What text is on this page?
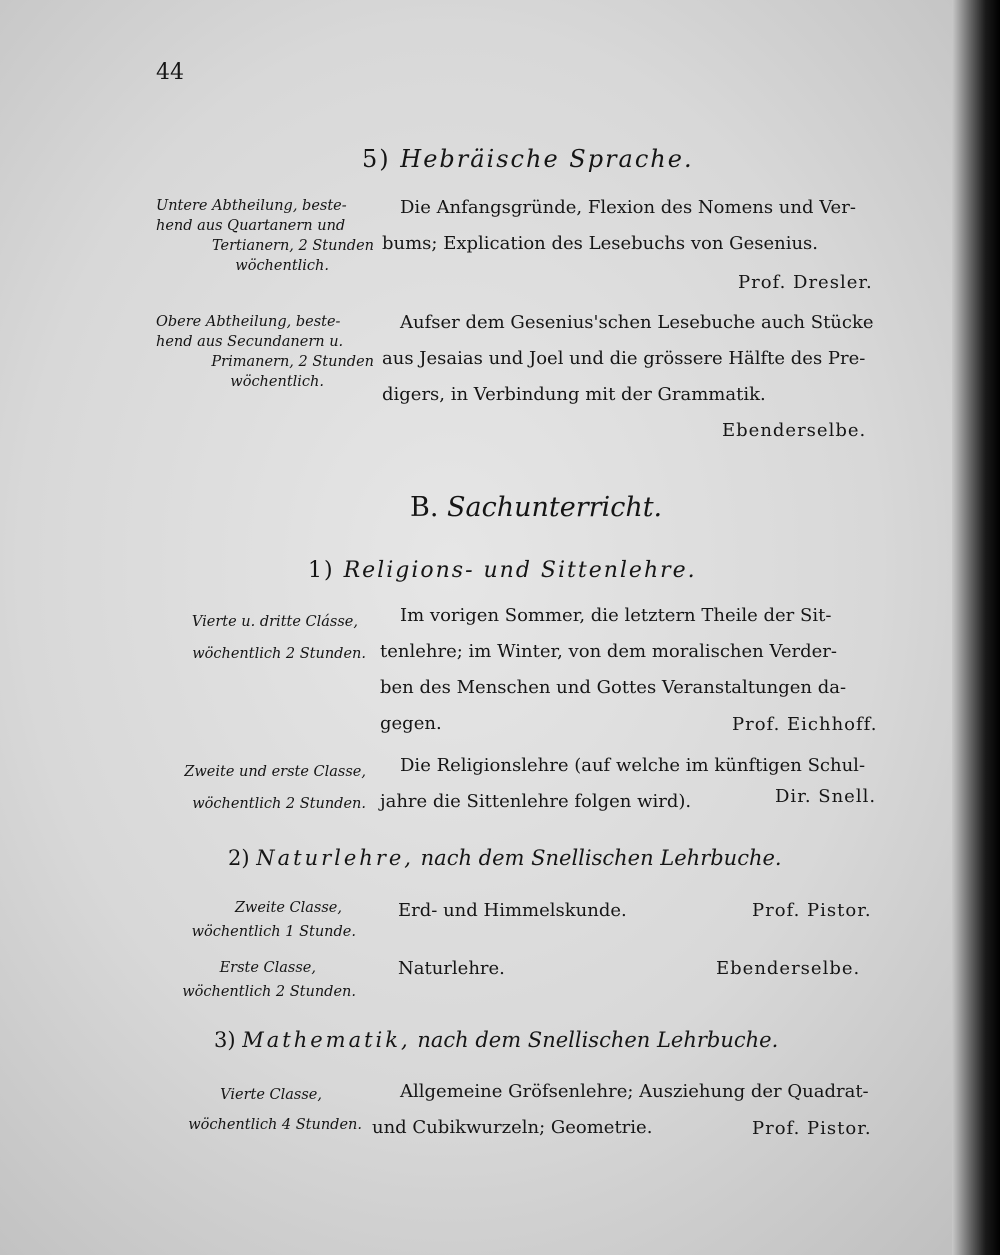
44
5) Hebräische Sprache.
Untere Abtheilung, beste-
hend aus Quartanern und
Tertianern, 2 Stunden
wöchentlich.
Die Anfangsgründe, Flexion des Nomens und Ver-
bums; Explication des Lesebuchs von Gesenius.
Prof. Dresler.
Obere Abtheilung, beste-
hend aus Secundanern u.
Primanern, 2 Stunden
wöchentlich.
Aufser dem Gesenius'schen Lesebuche auch Stücke
aus Jesaias und Joel und die grössere Hälfte des Pre-
digers, in Verbindung mit der Grammatik.
Ebenderselbe.
B. Sachunterricht.
1) Religions- und Sittenlehre.
Vierte u. dritte Clásse,
wöchentlich 2 Stunden.
Im vorigen Sommer, die letztern Theile der Sit-
tenlehre; im Winter, von dem moralischen Verder-
ben des Menschen und Gottes Veranstaltungen da-
gegen.	Prof. Eichhoff.
Zweite und erste Classe,
wöchentlich 2 Stunden.
Die Religionslehre (auf welche im künftigen Schul-
jahre die Sittenlehre folgen wird).	Dir. Snell.
2) Naturlehre, nach dem Snellischen Lehrbuche.
Zweite Classe,
wöchentlich 1 Stunde.
Erd- und Himmelskunde.	Prof. Pistor.
Erste Classe,
wöchentlich 2 Stunden.
Naturlehre.	Ebenderselbe.
3) Mathematik, nach dem Snellischen Lehrbuche.
Vierte Classe,
wöchentlich 4 Stunden.
Allgemeine Gröfsenlehre; Ausziehung der Quadrat-
und Cubikwurzeln; Geometrie.	Prof. Pistor.
